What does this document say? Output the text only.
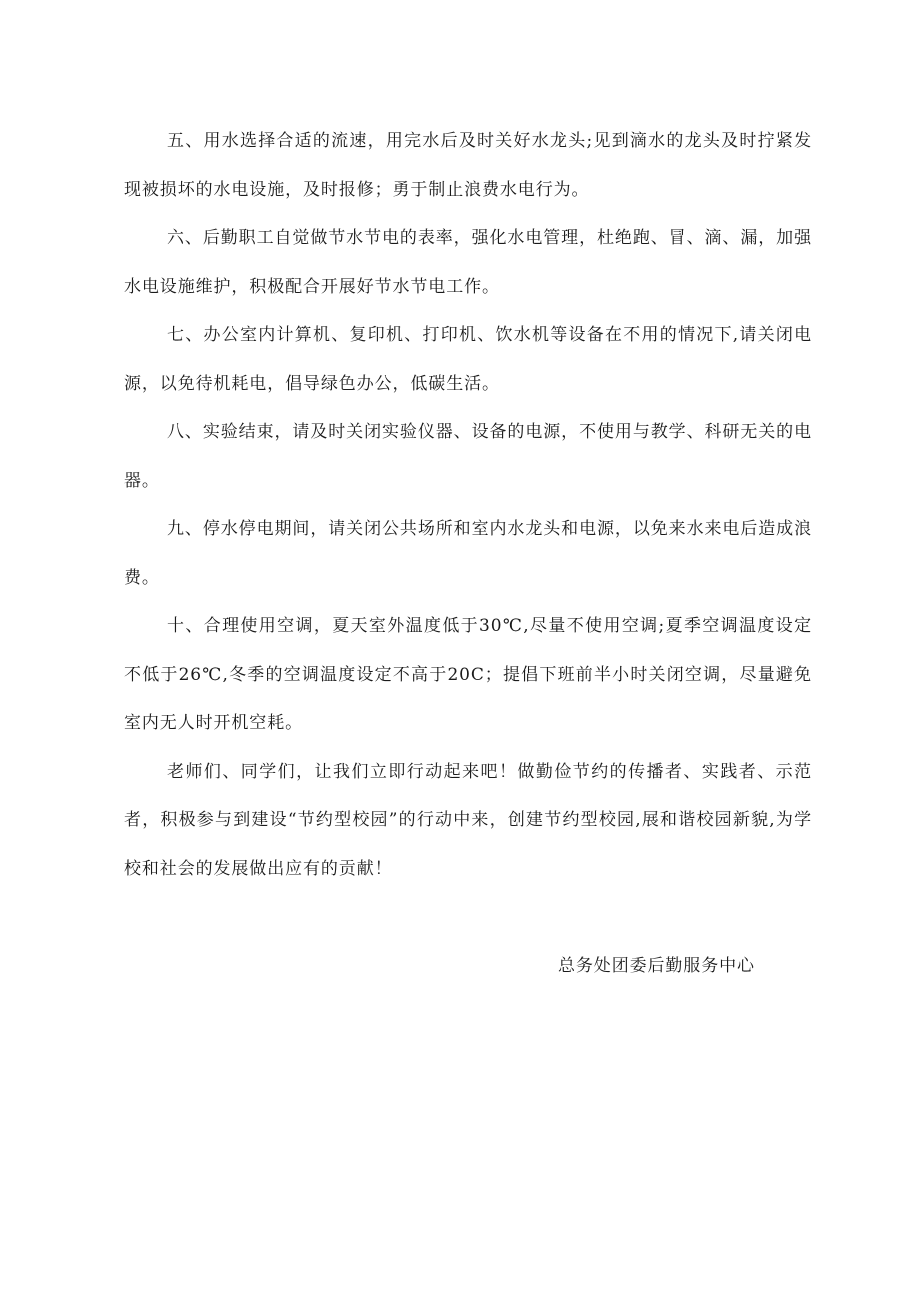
五、用水选择合适的流速，用完水后及时关好水龙头;见到滴水的龙头及时拧紧发现被损坏的水电设施，及时报修；勇于制止浪费水电行为。

六、后勤职工自觉做节水节电的表率，强化水电管理，杜绝跑、冒、滴、漏，加强水电设施维护，积极配合开展好节水节电工作。

七、办公室内计算机、复印机、打印机、饮水机等设备在不用的情况下,请关闭电源，以免待机耗电，倡导绿色办公，低碳生活。

八、实验结束，请及时关闭实验仪器、设备的电源，不使用与教学、科研无关的电器。

九、停水停电期间，请关闭公共场所和室内水龙头和电源，以免来水来电后造成浪费。

十、合理使用空调，夏天室外温度低于30℃,尽量不使用空调;夏季空调温度设定不低于26℃,冬季的空调温度设定不高于20C；提倡下班前半小时关闭空调，尽量避免室内无人时开机空耗。

老师们、同学们，让我们立即行动起来吧！做勤俭节约的传播者、实践者、示范者，积极参与到建设“节约型校园”的行动中来，创建节约型校园,展和谐校园新貌,为学校和社会的发展做出应有的贡献！

总务处团委后勤服务中心
